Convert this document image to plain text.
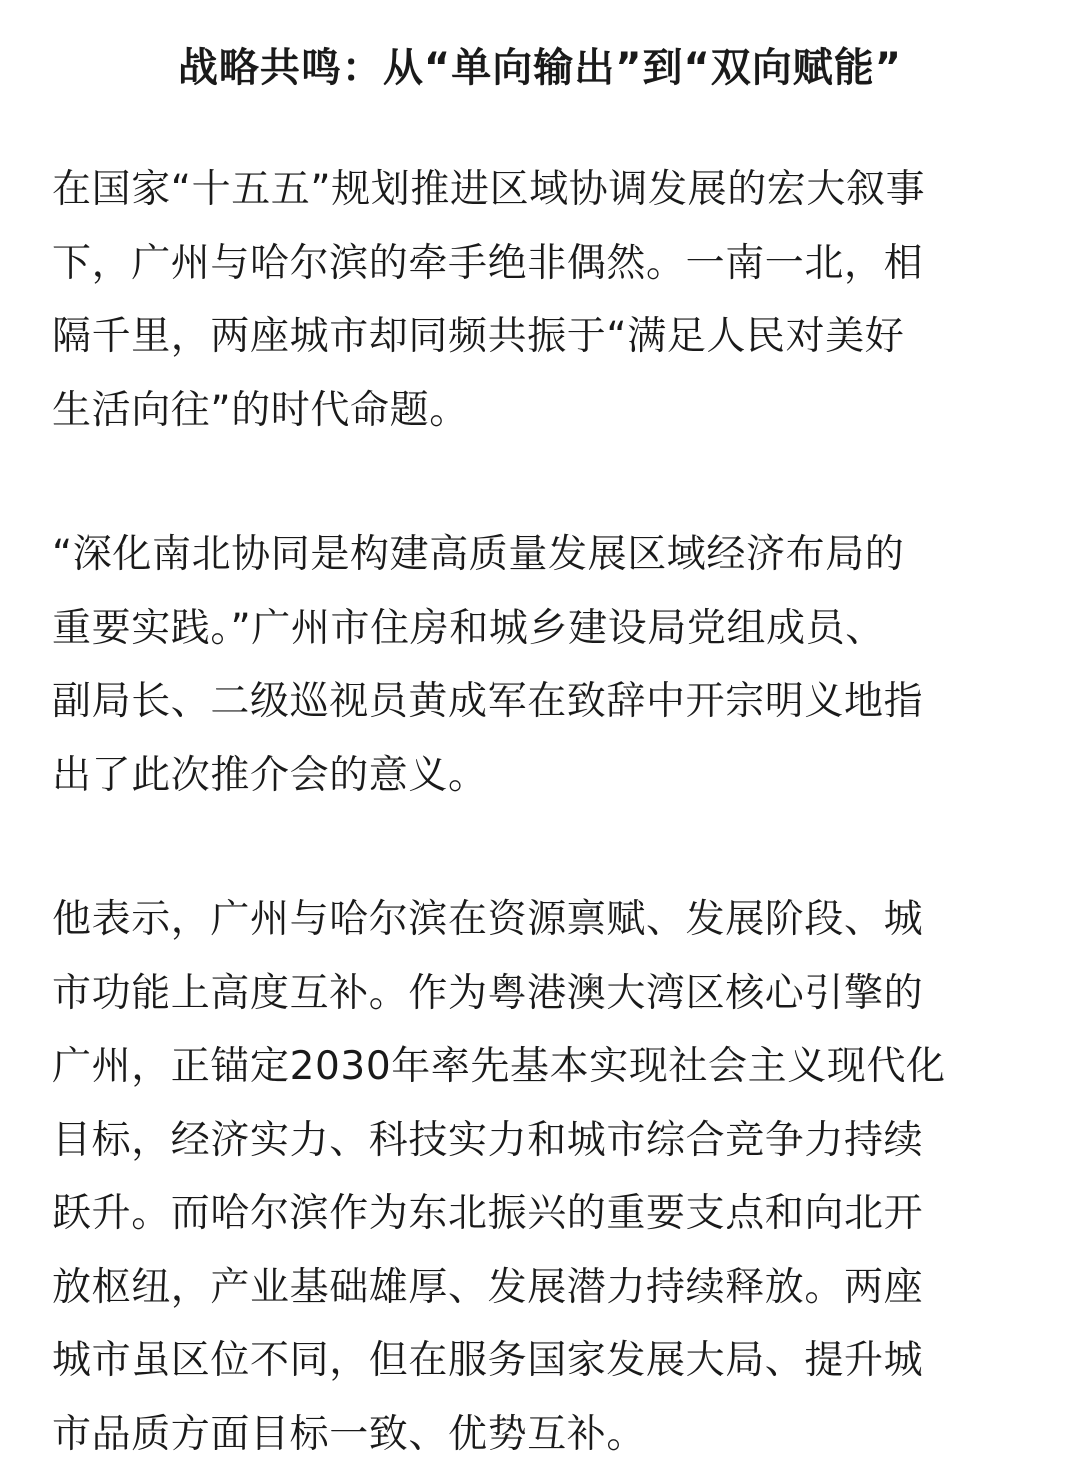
战略共鸣：从“单向输出”到“双向赋能”

在国家“十五五”规划推进区域协调发展的宏大叙事
下，广州与哈尔滨的牵手绝非偶然。一南一北，相
隔千里，两座城市却同频共振于“满足人民对美好
生活向往”的时代命题。

“深化南北协同是构建高质量发展区域经济布局的
重要实践。”广州市住房和城乡建设局党组成员、
副局长、二级巡视员黄成军在致辞中开宗明义地指
出了此次推介会的意义。

他表示，广州与哈尔滨在资源禀赋、发展阶段、城
市功能上高度互补。作为粤港澳大湾区核心引擎的
广州，正锚定2030年率先基本实现社会主义现代化
目标，经济实力、科技实力和城市综合竞争力持续
跃升。而哈尔滨作为东北振兴的重要支点和向北开
放枢纽，产业基础雄厚、发展潜力持续释放。两座
城市虽区位不同，但在服务国家发展大局、提升城
市品质方面目标一致、优势互补。
